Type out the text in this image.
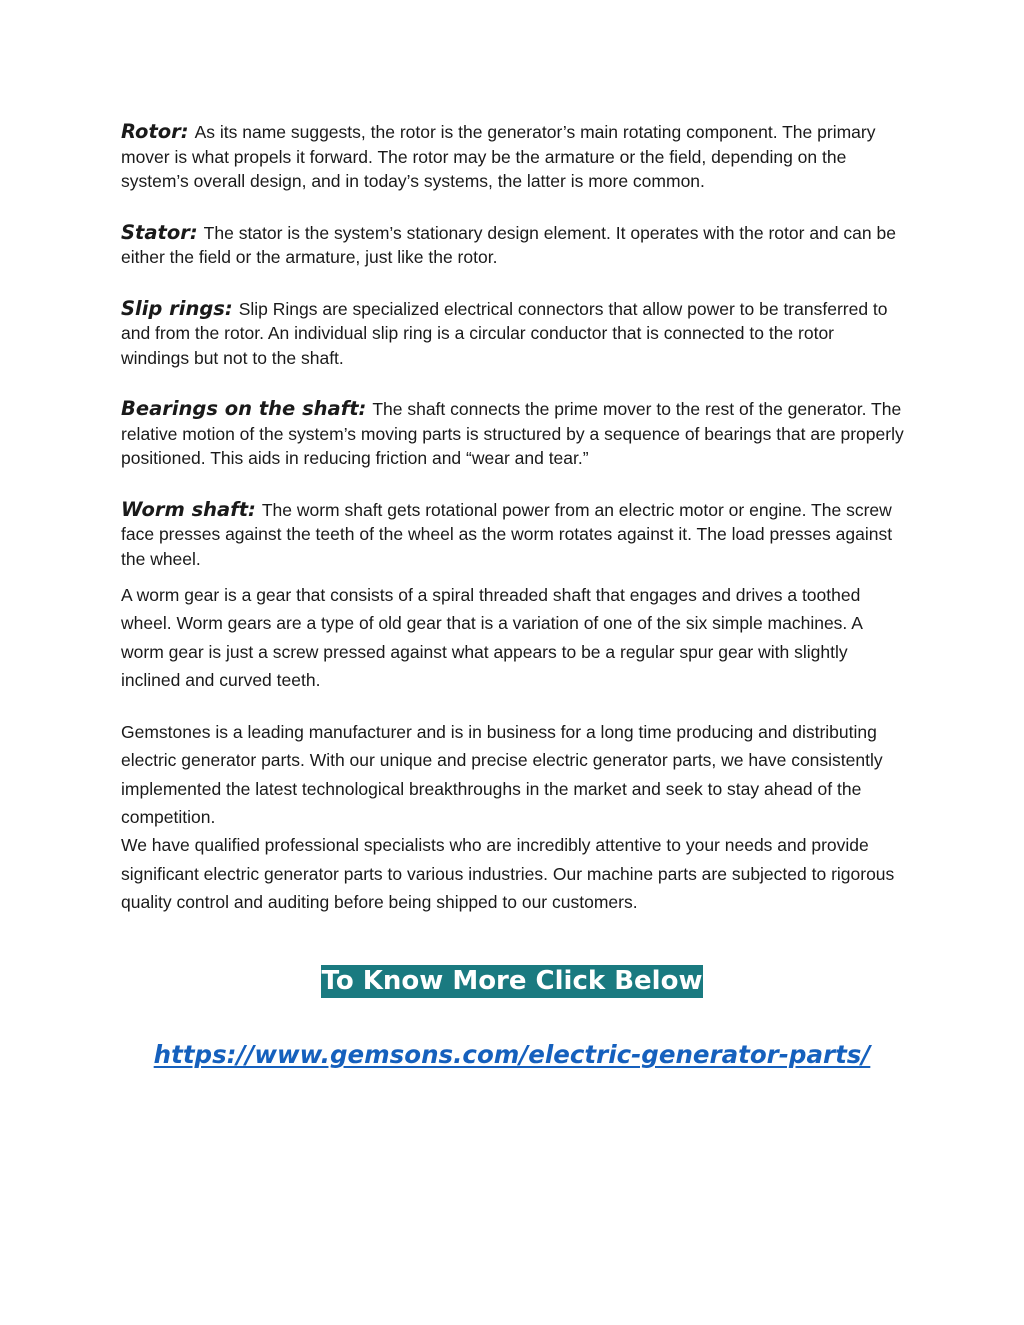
Rotor: As its name suggests, the rotor is the generator’s main rotating component. The primary mover is what propels it forward. The rotor may be the armature or the field, depending on the system’s overall design, and in today’s systems, the latter is more common.

Stator: The stator is the system’s stationary design element. It operates with the rotor and can be either the field or the armature, just like the rotor.

Slip rings: Slip Rings are specialized electrical connectors that allow power to be transferred to and from the rotor. An individual slip ring is a circular conductor that is connected to the rotor windings but not to the shaft.

Bearings on the shaft: The shaft connects the prime mover to the rest of the generator. The relative motion of the system’s moving parts is structured by a sequence of bearings that are properly positioned. This aids in reducing friction and “wear and tear.”

Worm shaft: The worm shaft gets rotational power from an electric motor or engine. The screw face presses against the teeth of the wheel as the worm rotates against it. The load presses against the wheel.

A worm gear is a gear that consists of a spiral threaded shaft that engages and drives a toothed wheel. Worm gears are a type of old gear that is a variation of one of the six simple machines. A worm gear is just a screw pressed against what appears to be a regular spur gear with slightly inclined and curved teeth.

Gemstones is a leading manufacturer and is in business for a long time producing and distributing electric generator parts. With our unique and precise electric generator parts, we have consistently implemented the latest technological breakthroughs in the market and seek to stay ahead of the competition.

We have qualified professional specialists who are incredibly attentive to your needs and provide significant electric generator parts to various industries. Our machine parts are subjected to rigorous quality control and auditing before being shipped to our customers.

To Know More Click Below
https://www.gemsons.com/electric-generator-parts/
